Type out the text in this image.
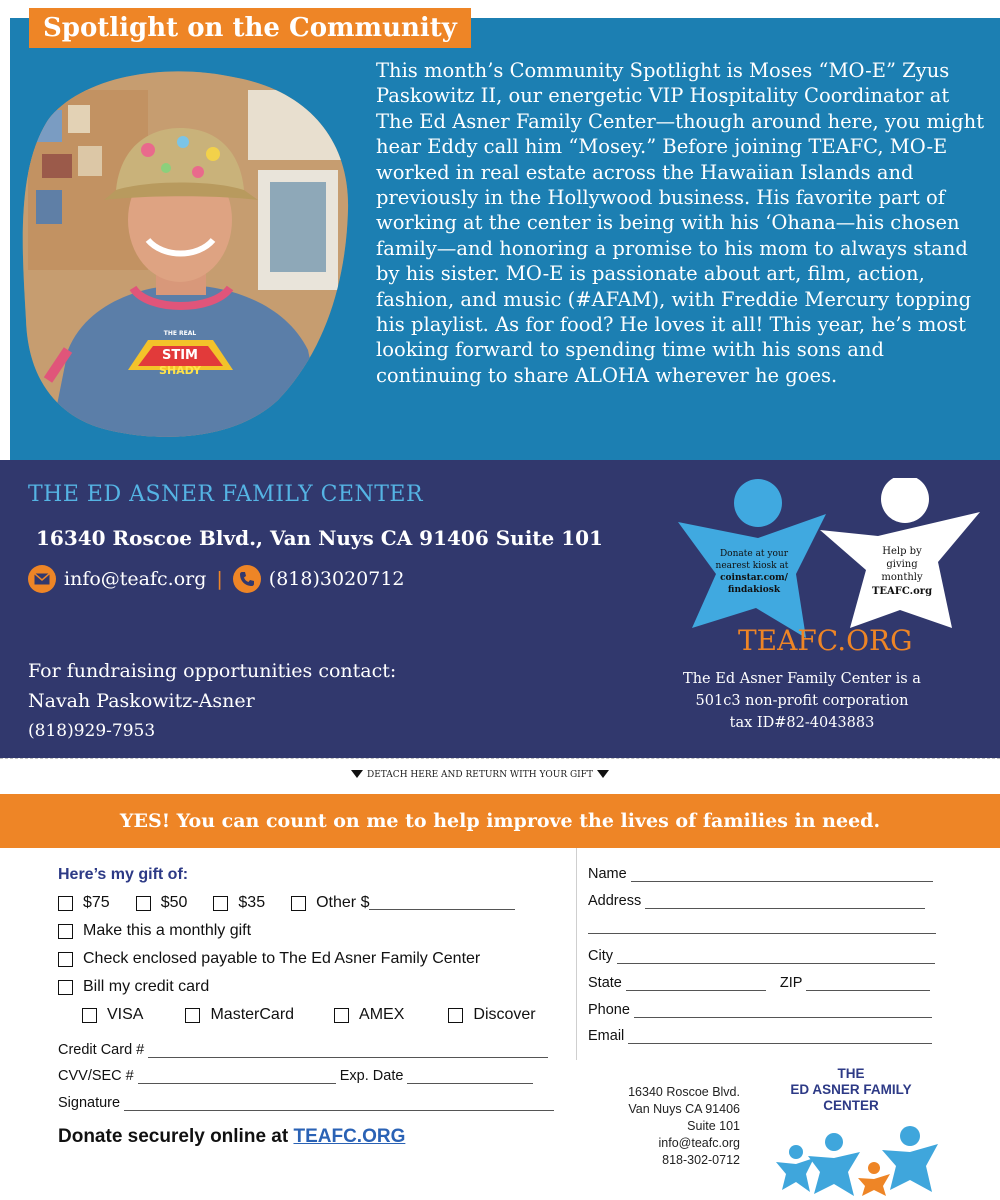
THE REAL
STIM
SHADY
Spotlight on the Community

This month’s Community Spotlight is Moses “MO-E” Zyus Paskowitz II, our energetic VIP Hospitality Coordinator at The Ed Asner Family Center—though around here, you might hear Eddy call him “Mosey.” Before joining TEAFC, MO-E worked in real estate across the Hawaiian Islands and previously in the Hollywood business. His favorite part of working at the center is being with his ‘Ohana—his chosen family—and honoring a promise to his mom to always stand by his sister. MO-E is passionate about art, film, action, fashion, and music (#AFAM), with Freddie Mercury topping his playlist. As for food? He loves it all! This year, he’s most looking forward to spending time with his sons and continuing to share ALOHA wherever he goes.

THE ED ASNER FAMILY CENTER
16340 Roscoe Blvd., Van Nuys CA 91406 Suite 101
info@teafc.org | (818)3020712
For fundraising opportunities contact:
Navah Paskowitz-Asner
(818)929-7953
Donate at your
nearest kiosk at
coinstar.com/
findakiosk
Help by
giving
monthly
TEAFC.org
TEAFC.ORG
The Ed Asner Family Center is a
501c3 non-profit corporation
tax ID#82-4043883
DETACH HERE AND RETURN WITH YOUR GIFT
YES! You can count on me to help improve the lives of families in need.
Here’s my gift of:
$75	$50	$35	Other $
Make this a monthly gift
Check enclosed payable to The Ed Asner Family Center
Bill my credit card
VISA	MasterCard	AMEX	Discover
Credit Card #
CVV/SEC #	Exp. Date
Signature
Donate securely online at TEAFC.ORG
Name
Address
City
State	ZIP
Phone
Email
16340 Roscoe Blvd.
Van Nuys CA 91406
Suite 101
info@teafc.org
818-302-0712
THE
ED ASNER FAMILY
CENTER
